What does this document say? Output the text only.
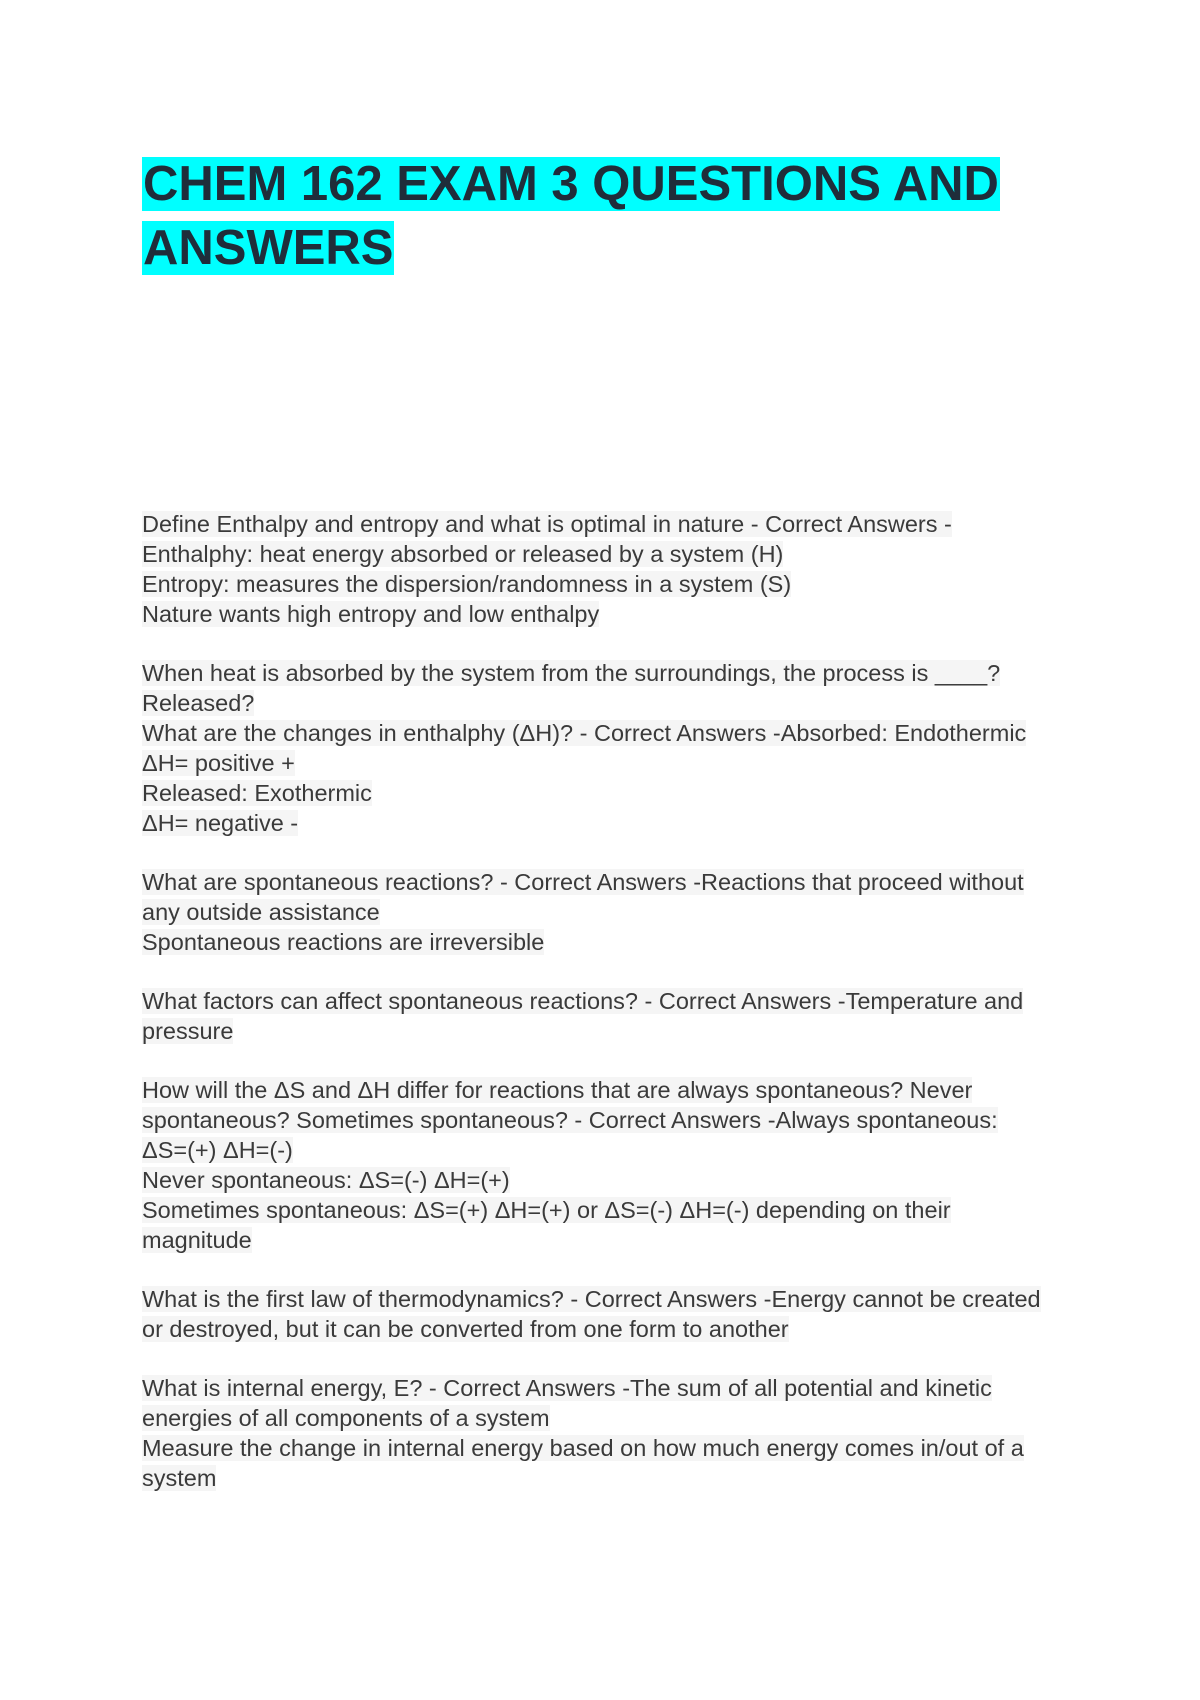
CHEM 162 EXAM 3 QUESTIONS AND ANSWERS

Define Enthalpy and entropy and what is optimal in nature - Correct Answers -

Enthalphy: heat energy absorbed or released by a system (H)

Entropy: measures the dispersion/randomness in a system (S)

Nature wants high entropy and low enthalpy

When heat is absorbed by the system from the surroundings, the process is ____?

Released?

What are the changes in enthalphy (ΔH)? - Correct Answers -Absorbed: Endothermic

ΔH= positive +

Released: Exothermic

ΔH= negative -

What are spontaneous reactions? - Correct Answers -Reactions that proceed without

any outside assistance

Spontaneous reactions are irreversible

What factors can affect spontaneous reactions? - Correct Answers -Temperature and

pressure

How will the ΔS and ΔH differ for reactions that are always spontaneous? Never

spontaneous? Sometimes spontaneous? - Correct Answers -Always spontaneous:

ΔS=(+) ΔH=(-)

Never spontaneous: ΔS=(-) ΔH=(+)

Sometimes spontaneous: ΔS=(+) ΔH=(+) or ΔS=(-) ΔH=(-) depending on their

magnitude

What is the first law of thermodynamics? - Correct Answers -Energy cannot be created

or destroyed, but it can be converted from one form to another

What is internal energy, E? - Correct Answers -The sum of all potential and kinetic

energies of all components of a system

Measure the change in internal energy based on how much energy comes in/out of a

system
